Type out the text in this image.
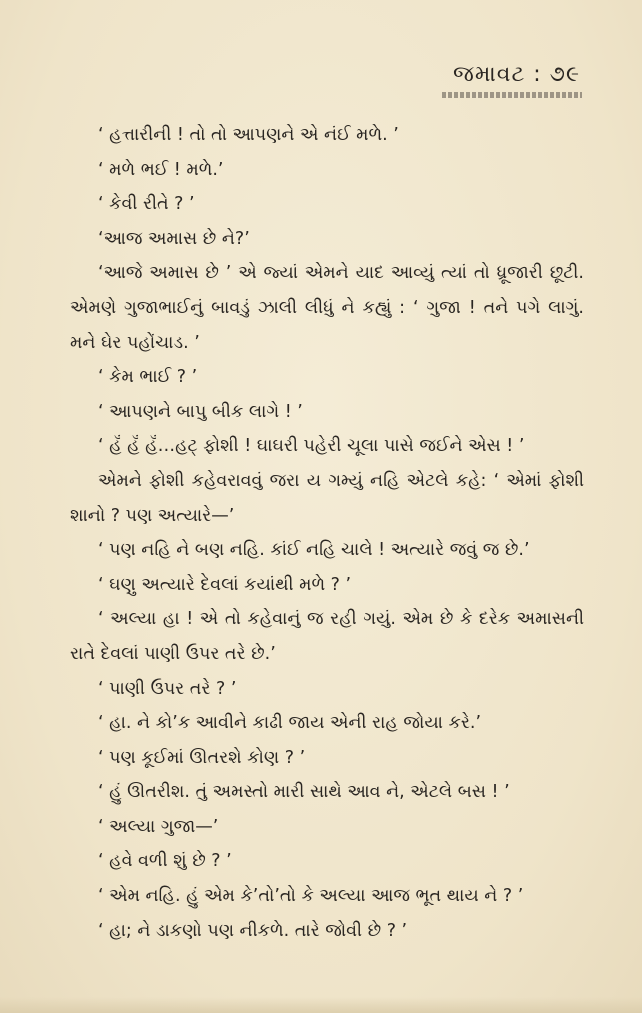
જમાવટ : ૭૯

‘ હત્તારીની ! તો તો આપણને એ નંઈ મળે. ’

‘ મળે ભઈ ! મળે.’

‘ કેવી રીતે ? ’

‘આજ અમાસ છે ને?’

‘આજે અમાસ છે ’ એ જ્યાં એમને યાદ આવ્યું ત્યાં તો ધ્રૂજારી છૂટી. એમણે ગુજાભાઈનું બાવડું ઝાલી લીધું ને કહ્યું : ‘ ગુજા ! તને પગે લાગું. મને ઘેર પહોંચાડ. ’

‘ કેમ ભાઈ ? ’

‘ આપણને બાપુ બીક લાગે ! ’

‘ હૅં હૅં હૅં…હટ્ ફોશી ! ઘાઘરી પહેરી ચૂલા પાસે જઈને એસ ! ’

એમને ફોશી કહેવરાવવું જરા ય ગમ્યું નહિ એટલે કહે: ‘ એમાં ફોશી શાનો ? પણ અત્યારે—’

‘ પણ નહિ ને બણ નહિ. કાંઈ નહિ ચાલે ! અત્યારે જવું જ છે.’

‘ ઘણુ અત્યારે દેવલાં કયાંથી મળે ? ’

‘ અલ્યા હા ! એ તો કહેવાનું જ રહી ગયું. એમ છે કે દરેક અમાસની રાતે દેવલાં પાણી ઉપર તરે છે.’

‘ પાણી ઉપર તરે ? ’

‘ હા. ને કો’ક આવીને કાઢી જાય એની રાહ જોયા કરે.’

‘ પણ કૂઈમાં ઊતરશે કોણ ? ’

‘ હું ઊતરીશ. તું અમસ્તો મારી સાથે આવ ને, એટલે બસ ! ’

‘ અલ્યા ગુજા—’

‘ હવે વળી શું છે ? ’

‘ એમ નહિ. હું એમ કે’તો’તો કે અલ્યા આજ ભૂત થાય ને ? ’

‘ હા; ને ડાકણો પણ નીકળે. તારે જોવી છે ? ’
